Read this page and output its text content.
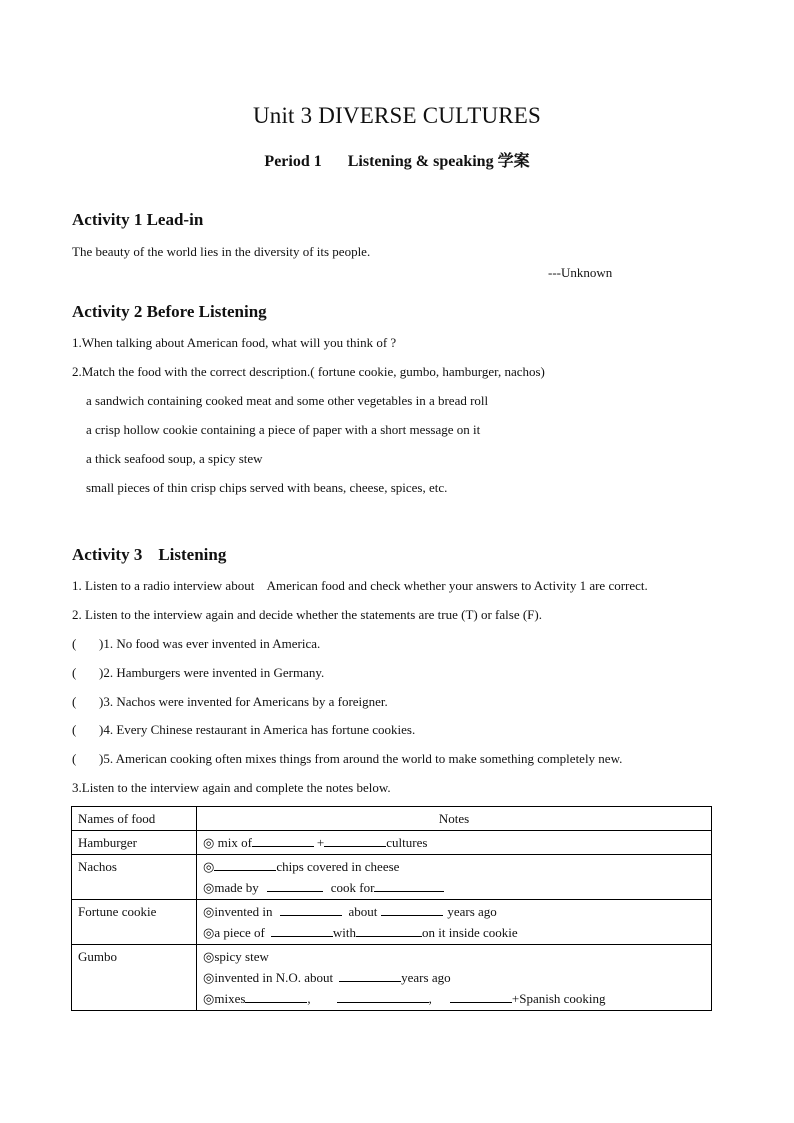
Unit 3 DIVERSE CULTURES
Period 1 Listening & speaking 学案
Activity 1 Lead-in
The beauty of the world lies in the diversity of its people.
---Unknown
Activity 2 Before Listening
1.When talking about American food, what will you think of ?
2.Match the food with the correct description.( fortune cookie, gumbo, hamburger, nachos)
a sandwich containing cooked meat and some other vegetables in a bread roll
a crisp hollow cookie containing a piece of paper with a short message on it
a thick seafood soup, a spicy stew
small pieces of thin crisp chips served with beans, cheese, spices, etc.
Activity 3 Listening
1. Listen to a radio interview about    American food and check whether your answers to Activity 1 are correct.
2. Listen to the interview again and decide whether the statements are true (T) or false (F).
( )1. No food was ever invented in America.
( )2. Hamburgers were invented in Germany.
( )3. Nachos were invented for Americans by a foreigner.
( )4. Every Chinese restaurant in America has fortune cookies.
( )5. American cooking often mixes things from around the world to make something completely new.
3.Listen to the interview again and complete the notes below.
Names of food	Notes
Hamburger	◎ mix of + cultures
Nachos	◎ chips covered in cheese
◎made by cook for
Fortune cookie	◎invented in about years ago
◎a piece of with on it inside cookie
Gumbo	◎spicy stew
◎invented in N.O. about years ago
◎mixes , , +Spanish cooking
